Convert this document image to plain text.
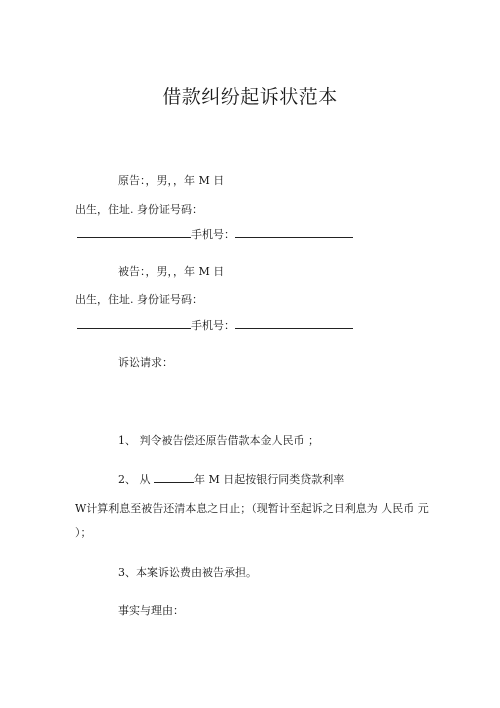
借款纠纷起诉状范本
原告：，男，，年 M 日
出生，住址. 身份证号码：
手机号：
被告：，男，，年 M 日
出生，住址. 身份证号码：
手机号：
诉讼请求：
1、 判令被告偿还原告借款本金人民币 ；
2、 从	年 M 日起按银行同类贷款利率
W计算利息至被告还清本息之日止；（现暂计至起诉之日利息为 人民币 元
）；
3、本案诉讼费由被告承担。
事实与理由：
